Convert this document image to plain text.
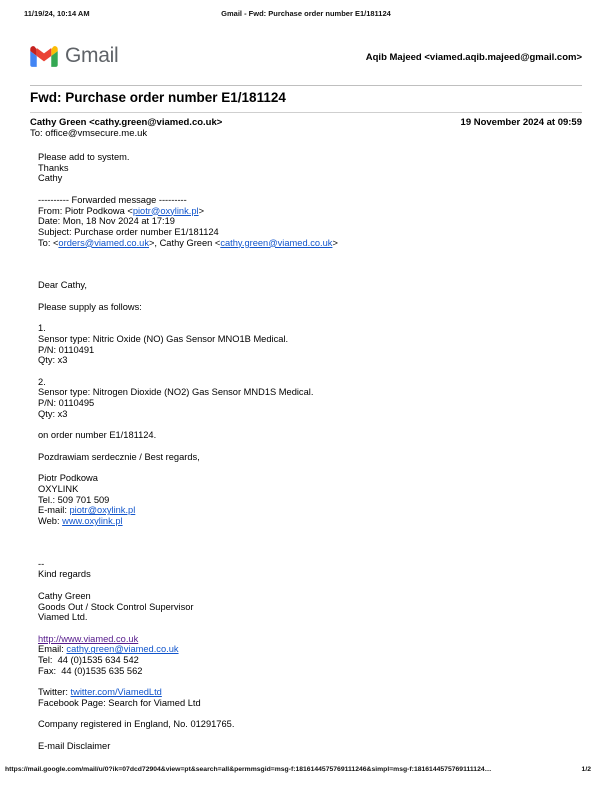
11/19/24, 10:14 AM	Gmail - Fwd: Purchase order number E1/181124
Gmail	Aqib Majeed <viamed.aqib.majeed@gmail.com>
Fwd: Purchase order number E1/181124
Cathy Green <cathy.green@viamed.co.uk>	19 November 2024 at 09:59
To: office@vmsecure.me.uk
Please add to system.
Thanks
Cathy

---------- Forwarded message ---------
From: Piotr Podkowa <piotr@oxylink.pl>
Date: Mon, 18 Nov 2024 at 17:19
Subject: Purchase order number E1/181124
To: <orders@viamed.co.uk>, Cathy Green <cathy.green@viamed.co.uk>

Dear Cathy,

Please supply as follows:

1.
Sensor type: Nitric Oxide (NO) Gas Sensor MNO1B Medical.
P/N: 0110491
Qty: x3

2.
Sensor type: Nitrogen Dioxide (NO2) Gas Sensor MND1S Medical.
P/N: 0110495
Qty: x3

on order number E1/181124.

Pozdrawiam serdecznie / Best regards,

Piotr Podkowa
OXYLINK
Tel.: 509 701 509
E-mail: piotr@oxylink.pl
Web: www.oxylink.pl

--
Kind regards

Cathy Green
Goods Out / Stock Control Supervisor
Viamed Ltd.

http://www.viamed.co.uk
Email: cathy.green@viamed.co.uk
Tel:  44 (0)1535 634 542
Fax:  44 (0)1535 635 562

Twitter: twitter.com/ViamedLtd
Facebook Page: Search for Viamed Ltd

Company registered in England, No. 01291765.

E-mail Disclaimer
https://mail.google.com/mail/u/0?ik=07dcd72904&view=pt&search=all&permmsgid=msg-f:1816144575769111246&simpl=msg-f:1816144575769111124…	1/2
